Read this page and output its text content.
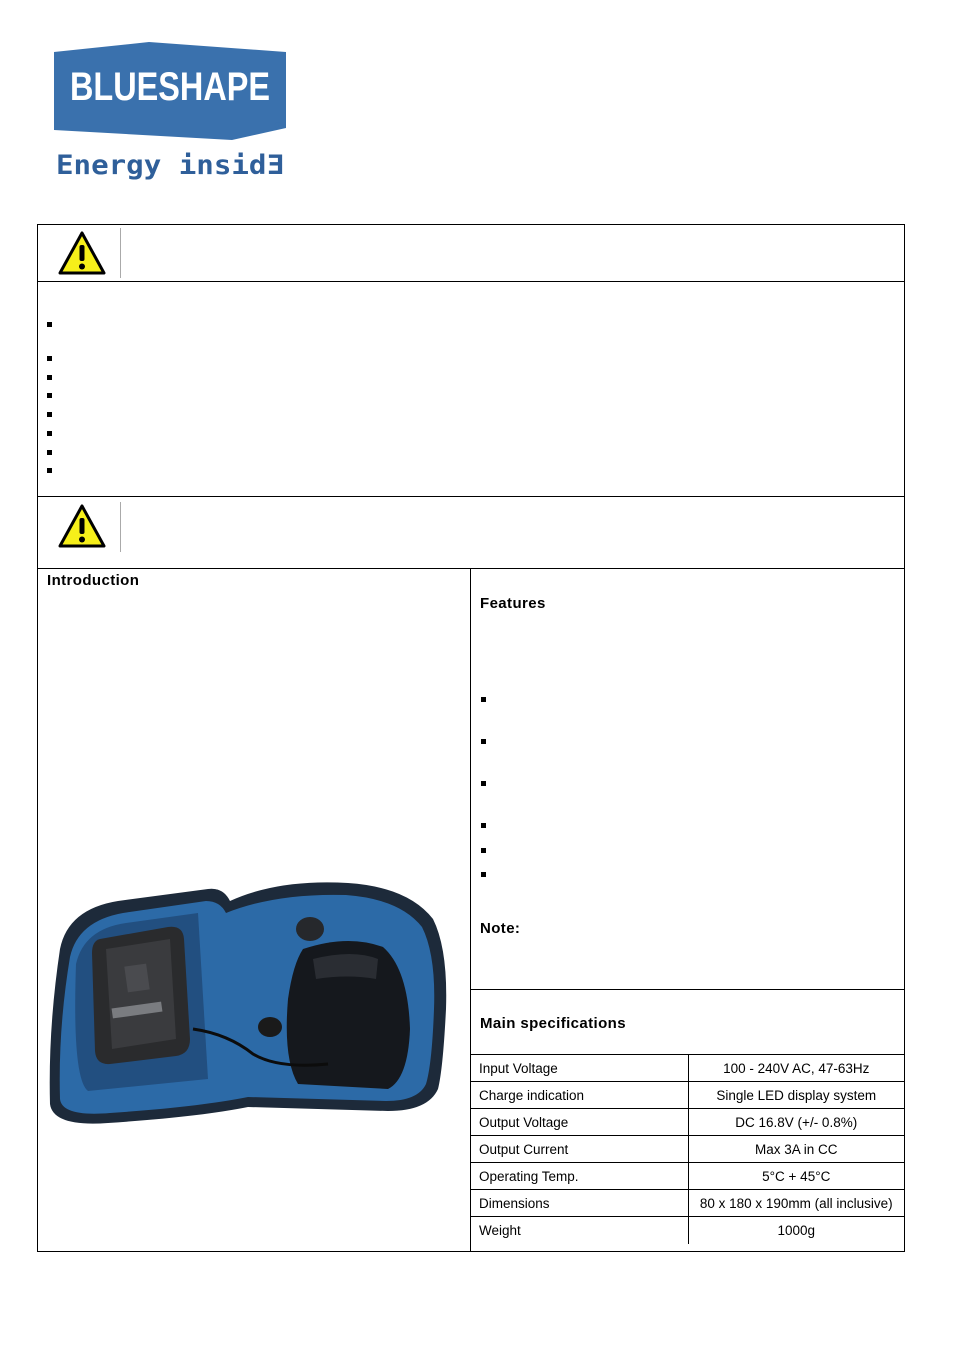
BLUESHAPE
®
Energy insidƎ
Introduction
Features
Note:
Main specifications
Input Voltage	100 - 240V AC, 47-63Hz
Charge indication	Single LED display system
Output Voltage	DC 16.8V (+/- 0.8%)
Output Current	Max 3A in CC
Operating Temp.	5°C + 45°C
Dimensions	80 x 180 x 190mm (all inclusive)
Weight	1000g
